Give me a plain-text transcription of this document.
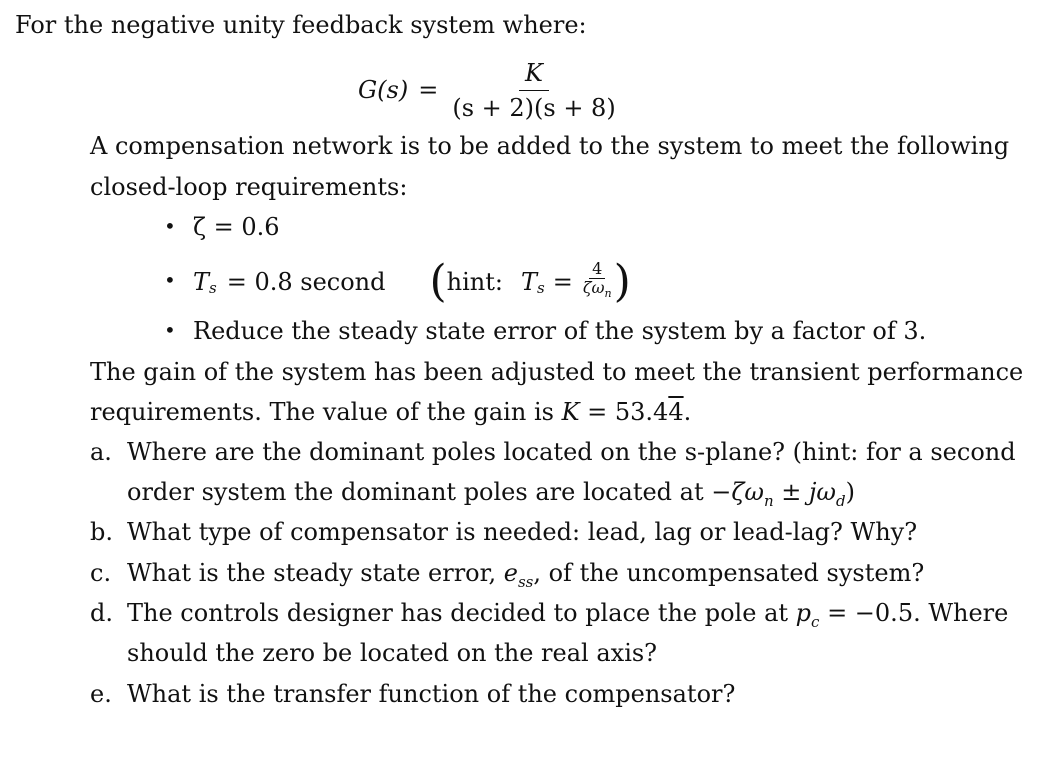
For the negative unity feedback system where:
$G(s) = \frac{K}{(s + 2)(s + 8)}$
A compensation network is to be added to the system to meet the following
closed-loop requirements:
• ζ = 0.6
• $T_s = 0.8$ second ( hint: $T_s = \frac{4}{\zeta\omega_n}$ )
• Reduce the steady state error of the system by a factor of 3.
The gain of the system has been adjusted to meet the transient performance
requirements. The value of the gain is K = 53.44.
a. Where are the dominant poles located on the s-plane? (hint: for a second
order system the dominant poles are located at $-\zeta\omega_n \pm j\omega_d$)
b. What type of compensator is needed: lead, lag or lead-lag? Why?
c. What is the steady state error, $e_{ss}$, of the uncompensated system?
d. The controls designer has decided to place the pole at $p_c = -0.5$. Where
should the zero be located on the real axis?
e. What is the transfer function of the compensator?
